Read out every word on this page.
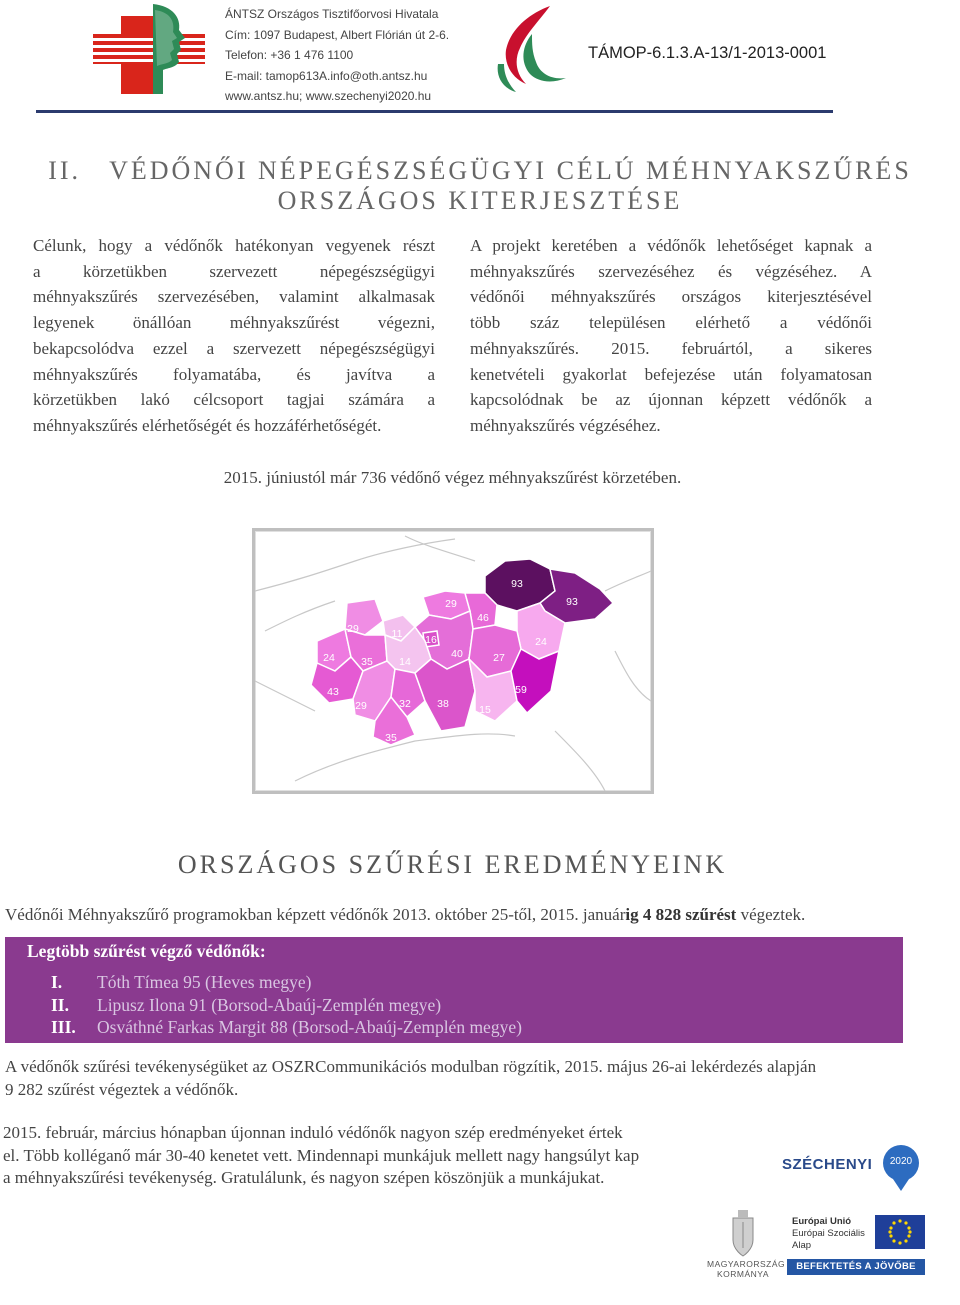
ÁNTSZ Országos Tisztifőorvosi Hivatala
Cím: 1097 Budapest, Albert Flórián út 2-6.
Telefon: +36 1 476 1100
E-mail: tamop613A.info@oth.antsz.hu
www.antsz.hu; www.szechenyi2020.hu
TÁMOP-6.1.3.A-13/1-2013-0001
II.   VÉDŐNŐI NÉPEGÉSZSÉGÜGYI CÉLÚ MÉHNYAKSZŰRÉS
ORSZÁGOS KITERJESZTÉSE
Célunk, hogy a védőnők hatékonyan vegyenek részt
a körzetükben szervezett népegészségügyi
méhnyakszűrés szervezésében, valamint alkalmasak
legyenek önállóan méhnyakszűrést végezni,
bekapcsolódva ezzel a szervezett népegészségügyi
méhnyakszűrés folyamatába, és javítva a
körzetükben lakó célcsoport tagjai számára a
méhnyakszűrés elérhetőségét és hozzáférhetőségét.
A projekt keretében a védőnők lehetőséget kapnak a
méhnyakszűrés szervezéséhez és végzéséhez. A
védőnői méhnyakszűrés országos kiterjesztésével
több száz településen elérhető a védőnői
méhnyakszűrés. 2015. februártól, a sikeres
kenetvételi gyakorlat befejezése után folyamatosan
kapcsolódnak be az újonnan képzett védőnők a
méhnyakszűrés végzéséhez.
2015. júniustól már 736 védőnő végez méhnyakszűrést körzetében.
93
93
29
46
29	11 16	24
24	35	14
40	27
43
29	32	38	15
59
35
ORSZÁGOS SZŰRÉSI EREDMÉNYEINK
Védőnői Méhnyakszűrő programokban képzett védőnők 2013. október 25-től, 2015. januárig 4 828 szűrést végeztek.
Legtöbb szűrést végző védőnők:
I. Tóth Tímea 95 (Heves megye)
II. Lipusz Ilona 91 (Borsod-Abaúj-Zemplén megye)
III. Osváthné Farkas Margit 88 (Borsod-Abaúj-Zemplén megye)
A védőnők szűrési tevékenységüket az OSZRCommunikációs modulban rögzítik, 2015. május 26-ai lekérdezés alapján
9 282 szűrést végeztek a védőnők.
2015. február, március hónapban újonnan induló védőnők nagyon szép eredményeket értek
el. Több kolléganő már 30-40 kenetet vett. Mindennapi munkájuk mellett nagy hangsúlyt kap
a méhnyakszűrési tevékenység. Gratulálunk, és nagyon szépen köszönjük a munkájukat.
SZÉCHENYI	2020
MAGYARORSZÁG
KORMÁNYA
Európai Unió
Európai Szociális
Alap
BEFEKTETÉS A JÖVŐBE
